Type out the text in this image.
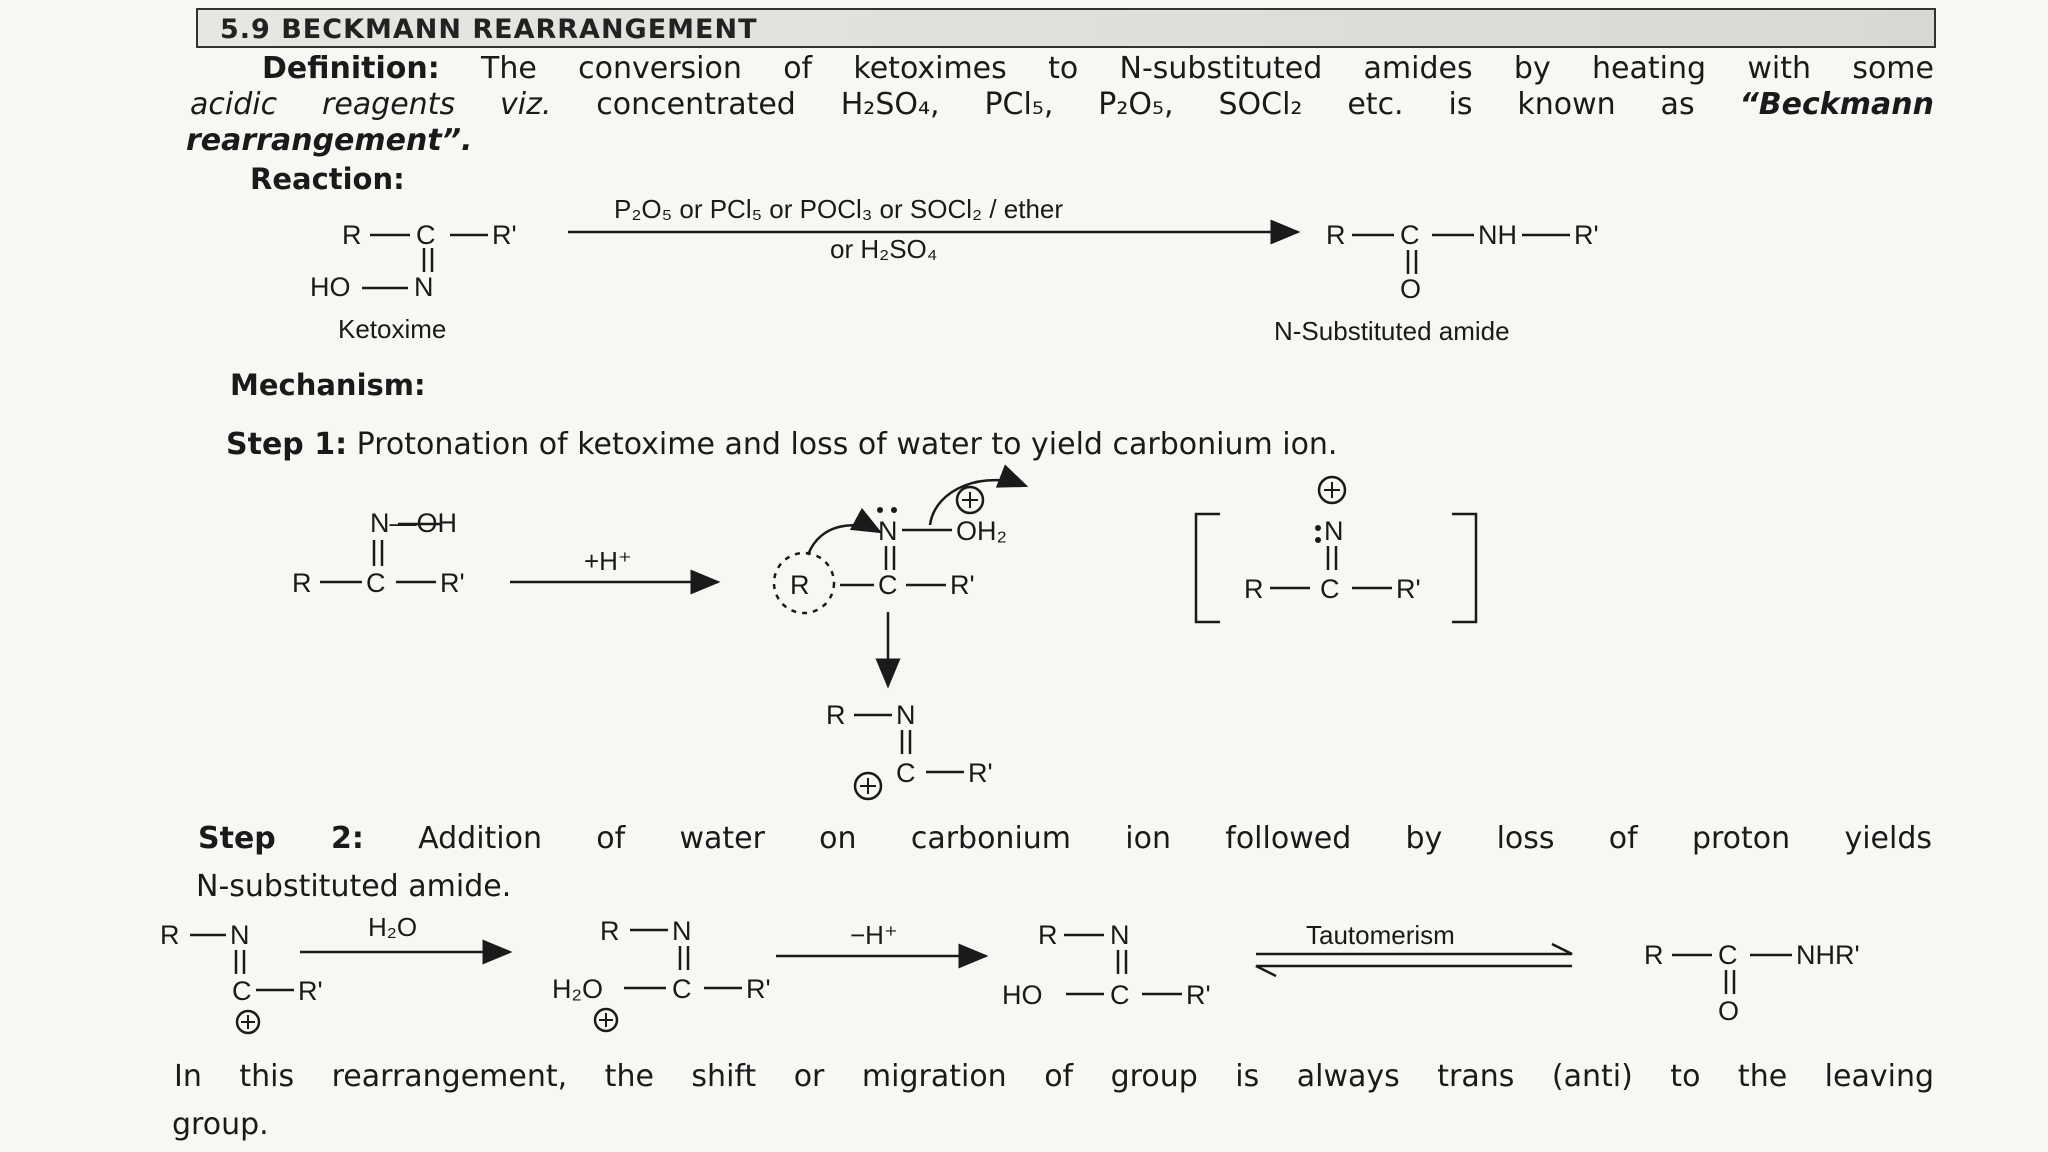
5.9 BECKMANN REARRANGEMENT
Definition: The conversion of ketoximes to N-substituted amides by heating with some
acidic reagents viz. concentrated H₂SO₄, PCl₅, P₂O₅, SOCl₂ etc. is known as “Beckmann
rearrangement”.
Reaction:
Mechanism:
Step 1: Protonation of ketoxime and loss of water to yield carbonium ion.
Step 2: Addition of water on carbonium ion followed by loss of proton yields
N-substituted amide.
In this rearrangement, the shift or migration of group is always trans (anti) to the leaving
group.
R C R'
HO N
P₂O₅ or PCl₅ or POCl₃ or SOCl₂ / ether
or H₂SO₄
Ketoxime
R C NH R'
O
N-Substituted amide
N—OH
R C R'
+H⁺
N OH₂
R	C R'
R N
C R'
N
R C R'
R N
C R'
H₂O	R N
H₂O	C R'
−H⁺	R N
HO	C R'
Tautomerism
R C NHR'
O
